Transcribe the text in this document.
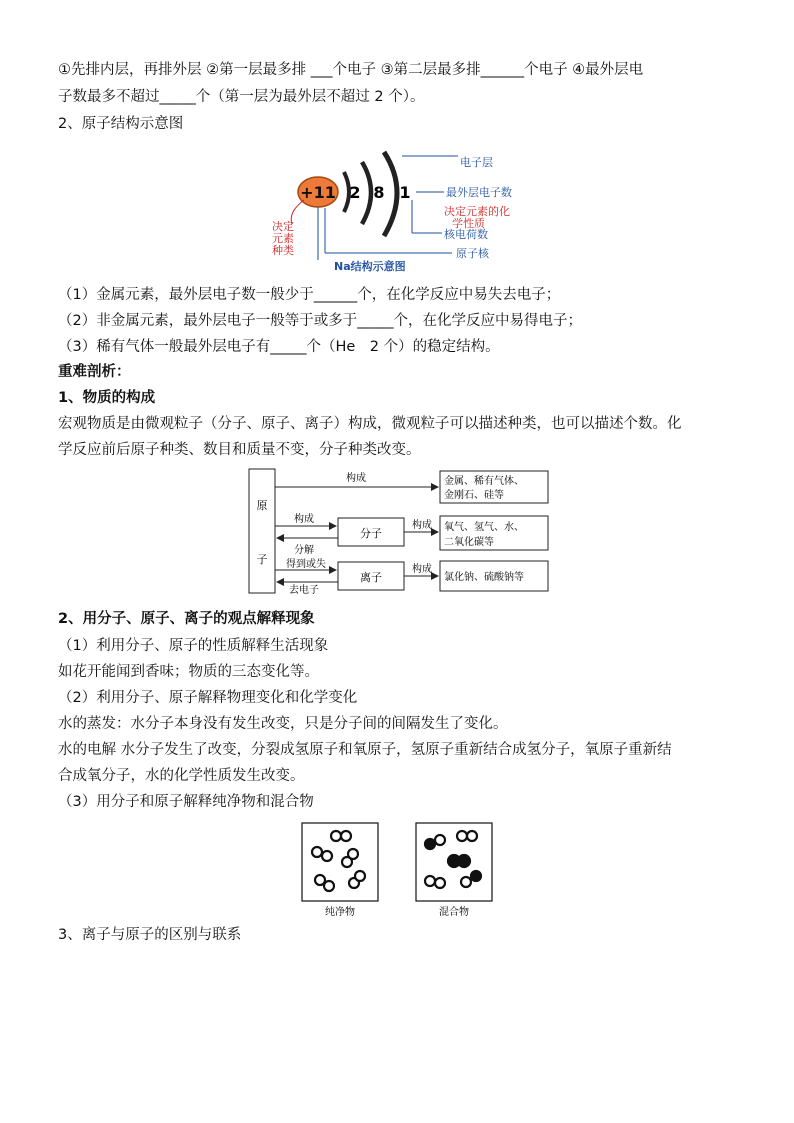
①先排内层，再排外层 ②第一层最多排 ___个电子 ③第二层最多排______个电子 ④最外层电
子数最多不超过_____个（第一层为最外层不超过 2 个）。
2、原子结构示意图
+11 2 8 1
电子层
最外层电子数
决定元素的化
学性质
核电荷数
原子核
决定
元素
种类
Na结构示意图
（1）金属元素，最外层电子数一般少于______个，在化学反应中易失去电子；
（2）非金属元素，最外层电子一般等于或多于_____个，在化学反应中易得电子；
（3）稀有气体一般最外层电子有_____个（He　2 个）的稳定结构。
重难剖析：
1、物质的构成
宏观物质是由微观粒子（分子、原子、离子）构成，微观粒子可以描述种类，也可以描述个数。化
学反应前后原子种类、数目和质量不变，分子种类改变。
原
子
构成	金属、稀有气体、
金刚石、硅等
构成
分解
分子
构成 氧气、氢气、水、
二氧化碳等
得到或失
去电子
离子
构成
氯化钠、硫酸钠等
2、用分子、原子、离子的观点解释现象
（1）利用分子、原子的性质解释生活现象
如花开能闻到香味；物质的三态变化等。
（2）利用分子、原子解释物理变化和化学变化
水的蒸发：水分子本身没有发生改变，只是分子间的间隔发生了变化。
水的电解 水分子发生了改变，分裂成氢原子和氧原子，氢原子重新结合成氢分子，氧原子重新结
合成氧分子，水的化学性质发生改变。
（3）用分子和原子解释纯净物和混合物
纯净物	混合物
3、离子与原子的区别与联系
